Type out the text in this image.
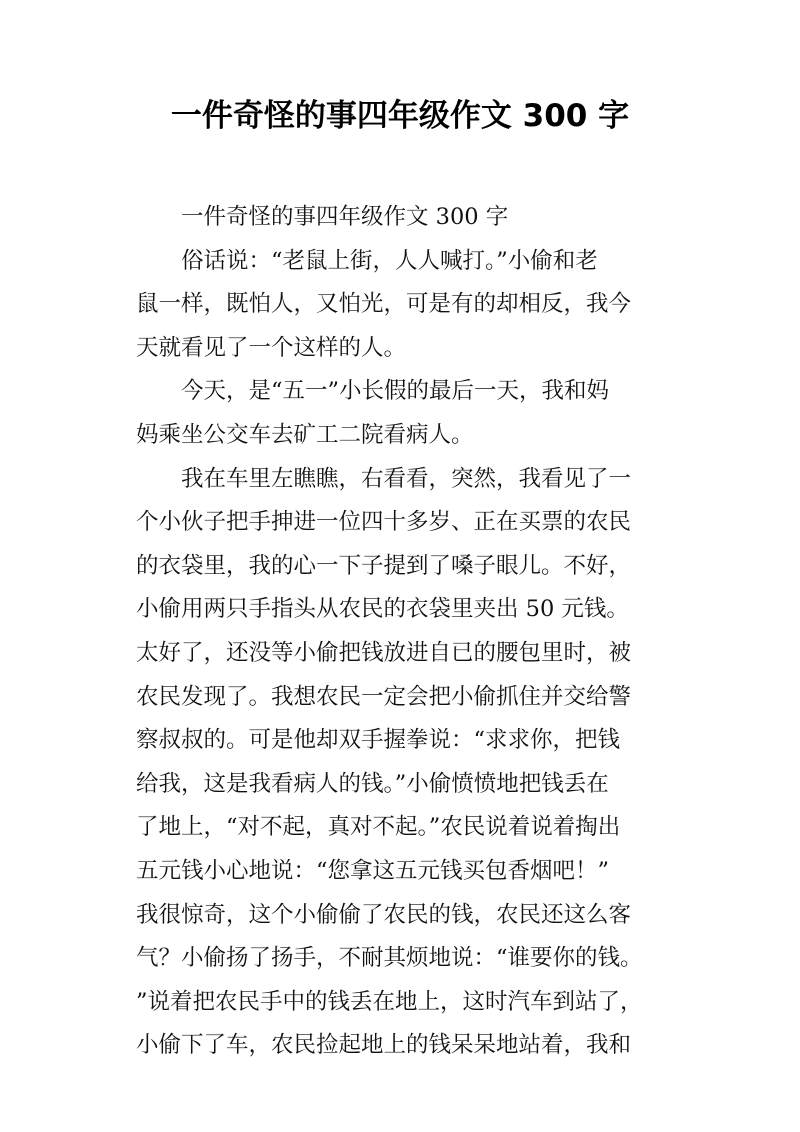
一件奇怪的事四年级作文 300 字
一件奇怪的事四年级作文 300 字
俗话说：“老鼠上街，人人喊打。”小偷和老
鼠一样，既怕人，又怕光，可是有的却相反，我今
天就看见了一个这样的人。
今天，是“五一”小长假的最后一天，我和妈
妈乘坐公交车去矿工二院看病人。
我在车里左瞧瞧，右看看，突然，我看见了一
个小伙子把手抻进一位四十多岁、正在买票的农民
的衣袋里，我的心一下子提到了嗓子眼儿。不好，
小偷用两只手指头从农民的衣袋里夹出 50 元钱。
太好了，还没等小偷把钱放进自已的腰包里时，被
农民发现了。我想农民一定会把小偷抓住并交给警
察叔叔的。可是他却双手握拳说：“求求你，把钱
给我，这是我看病人的钱。”小偷愤愤地把钱丢在
了地上，“对不起，真对不起。”农民说着说着掏出
五元钱小心地说：“您拿这五元钱买包香烟吧！”
我很惊奇，这个小偷偷了农民的钱，农民还这么客
气？小偷扬了扬手，不耐其烦地说：“谁要你的钱。
”说着把农民手中的钱丢在地上，这时汽车到站了，
小偷下了车，农民捡起地上的钱呆呆地站着，我和
